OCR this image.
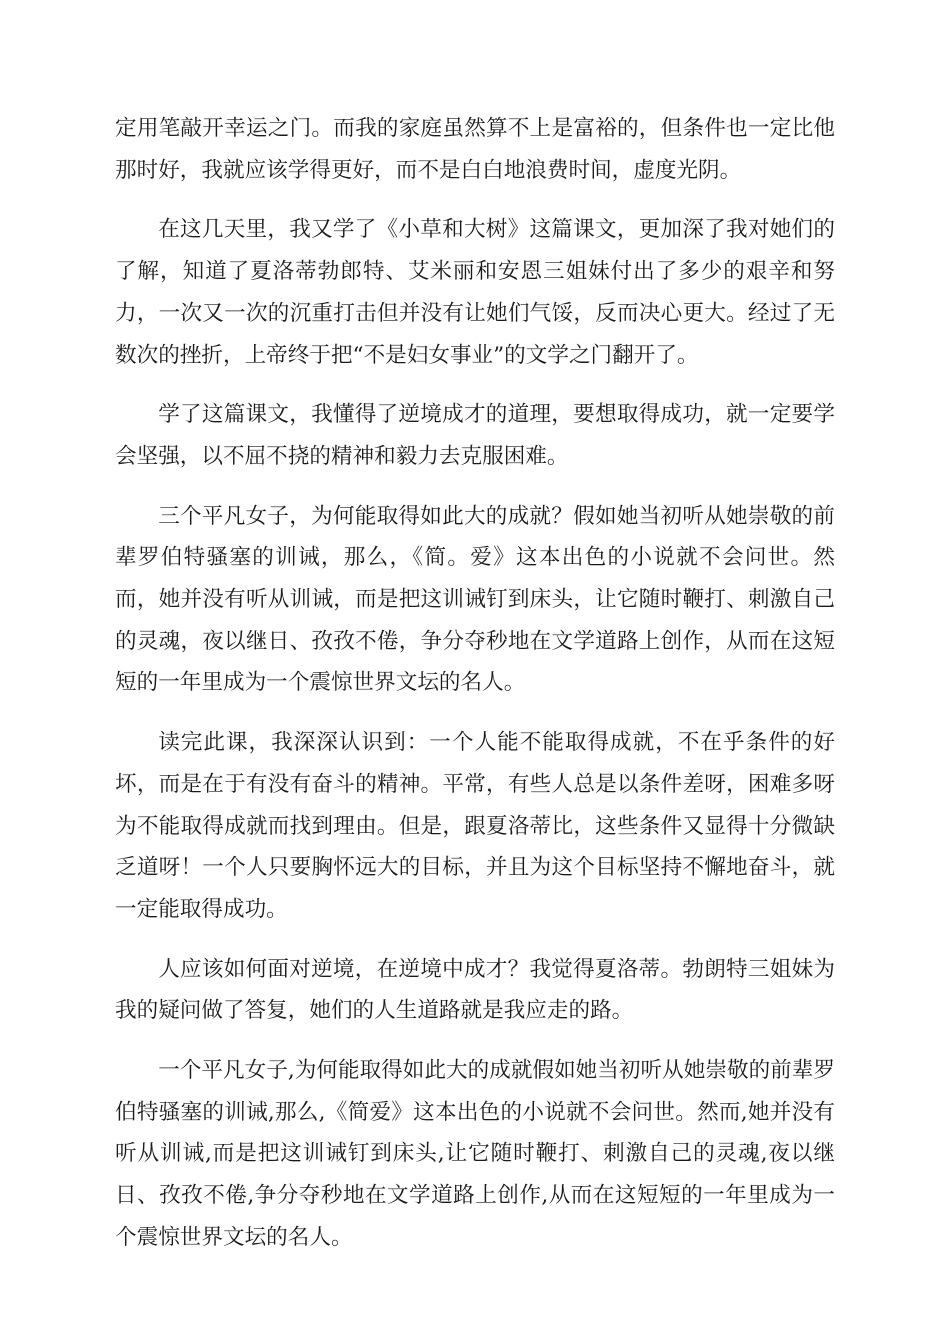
定用笔敲开幸运之门。而我的家庭虽然算不上是富裕的，但条件也一定比他那时好，我就应该学得更好，而不是白白地浪费时间，虚度光阴。

在这几天里，我又学了《小草和大树》这篇课文，更加深了我对她们的了解，知道了夏洛蒂勃郎特、艾米丽和安恩三姐妹付出了多少的艰辛和努力，一次又一次的沉重打击但并没有让她们气馁，反而决心更大。经过了无数次的挫折，上帝终于把“不是妇女事业”的文学之门翻开了。

学了这篇课文，我懂得了逆境成才的道理，要想取得成功，就一定要学会坚强，以不屈不挠的精神和毅力去克服困难。

三个平凡女子，为何能取得如此大的成就？假如她当初听从她崇敬的前辈罗伯特骚塞的训诫，那么，《简。爱》这本出色的小说就不会问世。然而，她并没有听从训诫，而是把这训诫钉到床头，让它随时鞭打、刺激自己的灵魂，夜以继日、孜孜不倦，争分夺秒地在文学道路上创作，从而在这短短的一年里成为一个震惊世界文坛的名人。

读完此课，我深深认识到：一个人能不能取得成就，不在乎条件的好坏，而是在于有没有奋斗的精神。平常，有些人总是以条件差呀，困难多呀为不能取得成就而找到理由。但是，跟夏洛蒂比，这些条件又显得十分微缺乏道呀！一个人只要胸怀远大的目标，并且为这个目标坚持不懈地奋斗，就一定能取得成功。

人应该如何面对逆境，在逆境中成才？我觉得夏洛蒂。勃朗特三姐妹为我的疑问做了答复，她们的人生道路就是我应走的路。

一个平凡女子,为何能取得如此大的成就假如她当初听从她崇敬的前辈罗伯特骚塞的训诫,那么,《简爱》这本出色的小说就不会问世。然而,她并没有听从训诫,而是把这训诫钉到床头,让它随时鞭打、刺激自己的灵魂,夜以继日、孜孜不倦,争分夺秒地在文学道路上创作,从而在这短短的一年里成为一个震惊世界文坛的名人。
